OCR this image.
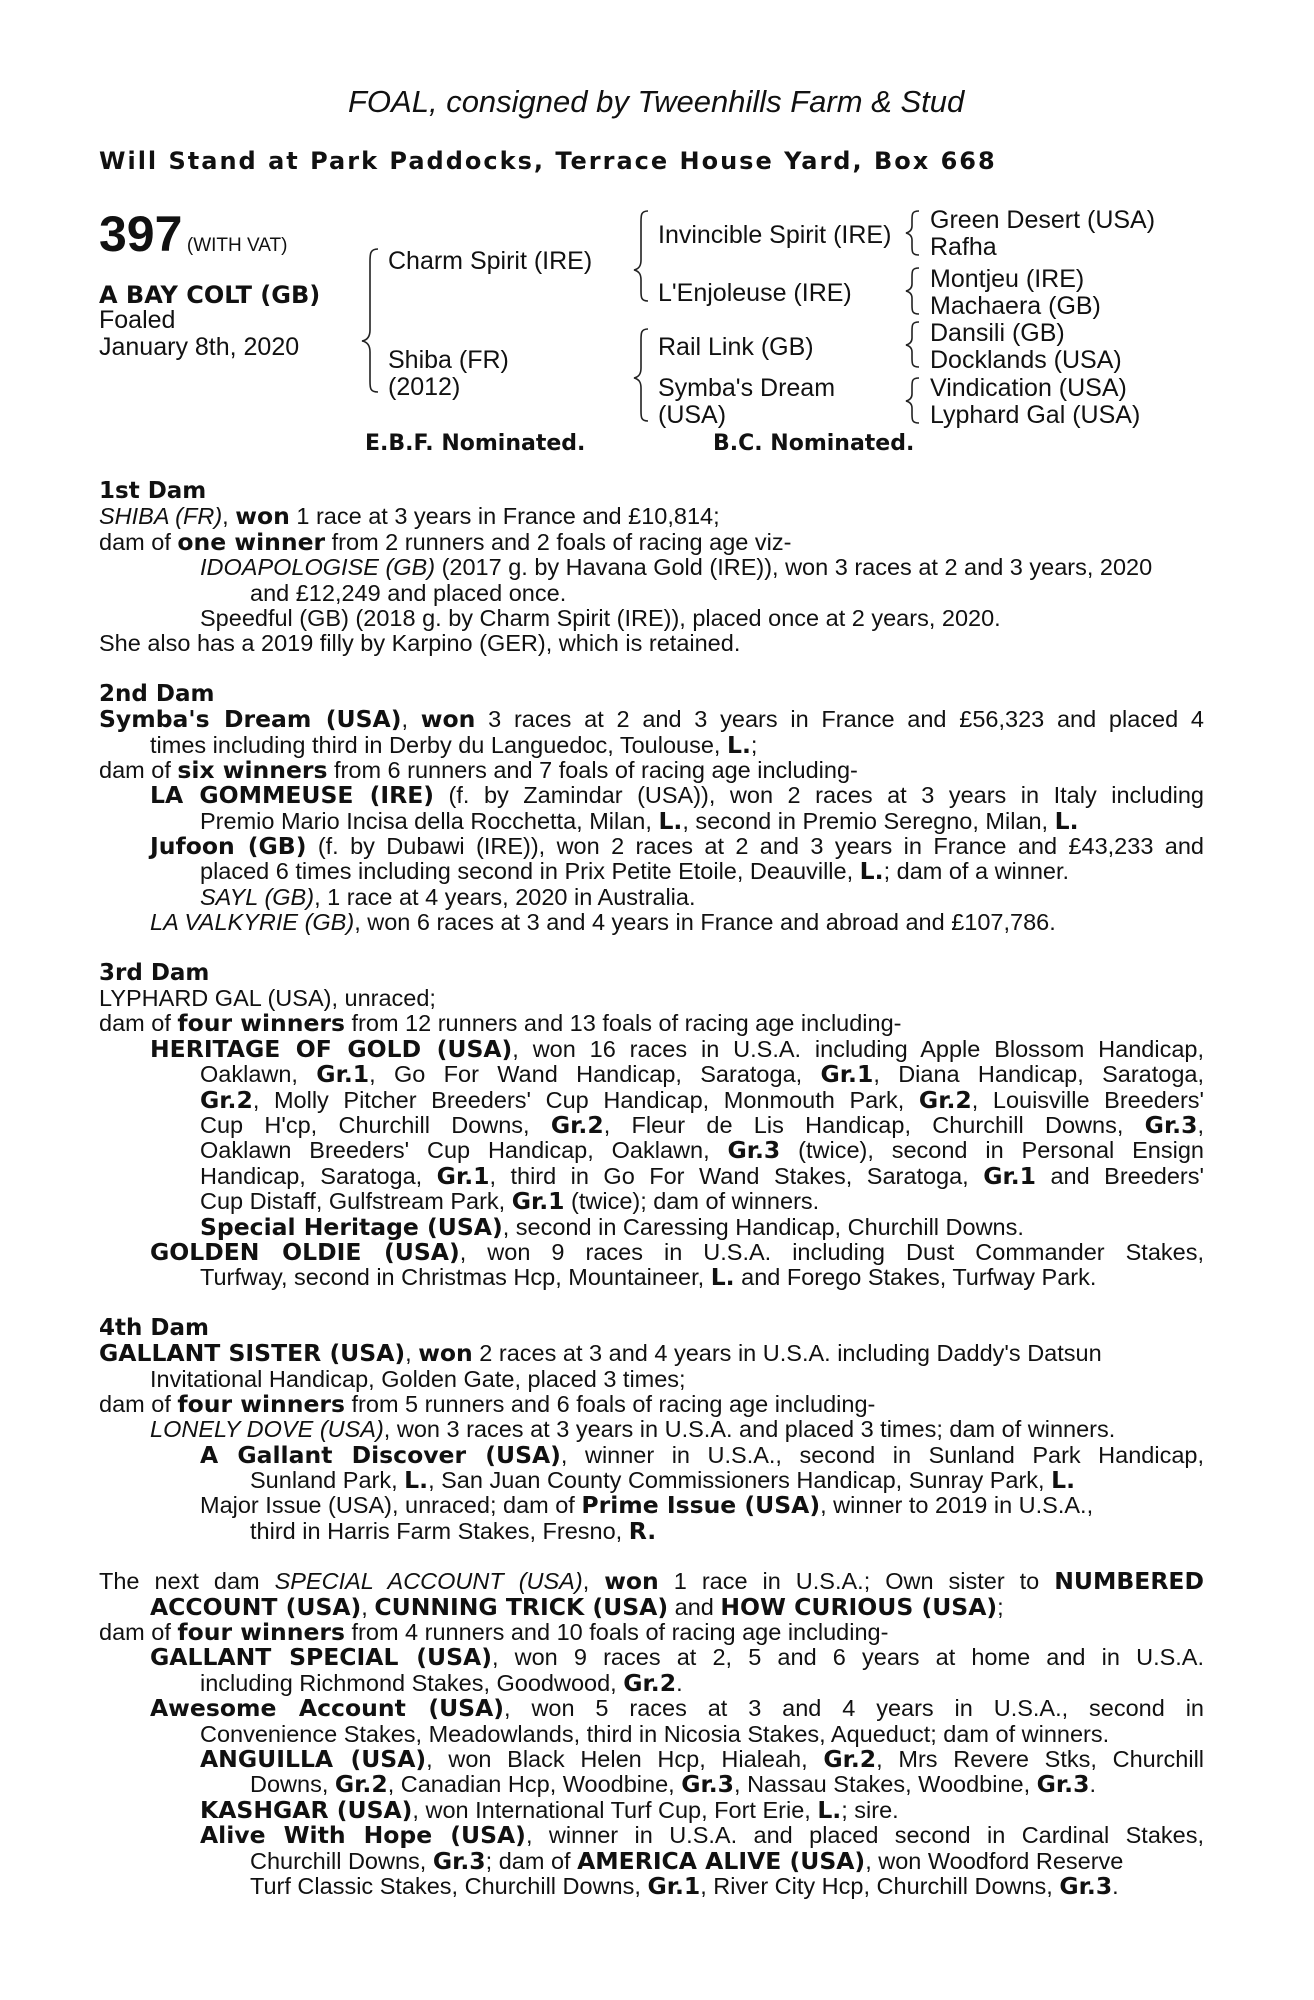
FOAL, consigned by Tweenhills Farm & Stud
Will Stand at Park Paddocks, Terrace House Yard, Box 668
397 (WITH VAT)
A BAY COLT (GB)
Foaled
January 8th, 2020
Charm Spirit (IRE)
Shiba (FR)
(2012)
Invincible Spirit (IRE)
L'Enjoleuse (IRE)
Rail Link (GB)
Symba's Dream
(USA)
Green Desert (USA)
Rafha
Montjeu (IRE)
Machaera (GB)
Dansili (GB)
Docklands (USA)
Vindication (USA)
Lyphard Gal (USA)
E.B.F. Nominated.	B.C. Nominated.
1st Dam
SHIBA (FR), won 1 race at 3 years in France and £10,814;
dam of one winner from 2 runners and 2 foals of racing age viz-
IDOAPOLOGISE (GB) (2017 g. by Havana Gold (IRE)), won 3 races at 2 and 3 years, 2020
and £12,249 and placed once.
Speedful (GB) (2018 g. by Charm Spirit (IRE)), placed once at 2 years, 2020.
She also has a 2019 filly by Karpino (GER), which is retained.
2nd Dam
Symba's Dream (USA), won 3 races at 2 and 3 years in France and £56,323 and placed 4
times including third in Derby du Languedoc, Toulouse, L.;
dam of six winners from 6 runners and 7 foals of racing age including-
LA GOMMEUSE (IRE) (f. by Zamindar (USA)), won 2 races at 3 years in Italy including
Premio Mario Incisa della Rocchetta, Milan, L., second in Premio Seregno, Milan, L.
Jufoon (GB) (f. by Dubawi (IRE)), won 2 races at 2 and 3 years in France and £43,233 and
placed 6 times including second in Prix Petite Etoile, Deauville, L.; dam of a winner.
SAYL (GB), 1 race at 4 years, 2020 in Australia.
LA VALKYRIE (GB), won 6 races at 3 and 4 years in France and abroad and £107,786.
3rd Dam
LYPHARD GAL (USA), unraced;
dam of four winners from 12 runners and 13 foals of racing age including-
HERITAGE OF GOLD (USA), won 16 races in U.S.A. including Apple Blossom Handicap,
Oaklawn, Gr.1, Go For Wand Handicap, Saratoga, Gr.1, Diana Handicap, Saratoga,
Gr.2, Molly Pitcher Breeders' Cup Handicap, Monmouth Park, Gr.2, Louisville Breeders'
Cup H'cp, Churchill Downs, Gr.2, Fleur de Lis Handicap, Churchill Downs, Gr.3,
Oaklawn Breeders' Cup Handicap, Oaklawn, Gr.3 (twice), second in Personal Ensign
Handicap, Saratoga, Gr.1, third in Go For Wand Stakes, Saratoga, Gr.1 and Breeders'
Cup Distaff, Gulfstream Park, Gr.1 (twice); dam of winners.
Special Heritage (USA), second in Caressing Handicap, Churchill Downs.
GOLDEN OLDIE (USA), won 9 races in U.S.A. including Dust Commander Stakes,
Turfway, second in Christmas Hcp, Mountaineer, L. and Forego Stakes, Turfway Park.
4th Dam
GALLANT SISTER (USA), won 2 races at 3 and 4 years in U.S.A. including Daddy's Datsun
Invitational Handicap, Golden Gate, placed 3 times;
dam of four winners from 5 runners and 6 foals of racing age including-
LONELY DOVE (USA), won 3 races at 3 years in U.S.A. and placed 3 times; dam of winners.
A Gallant Discover (USA), winner in U.S.A., second in Sunland Park Handicap,
Sunland Park, L., San Juan County Commissioners Handicap, Sunray Park, L.
Major Issue (USA), unraced; dam of Prime Issue (USA), winner to 2019 in U.S.A.,
third in Harris Farm Stakes, Fresno, R.
The next dam SPECIAL ACCOUNT (USA), won 1 race in U.S.A.; Own sister to NUMBERED
ACCOUNT (USA), CUNNING TRICK (USA) and HOW CURIOUS (USA);
dam of four winners from 4 runners and 10 foals of racing age including-
GALLANT SPECIAL (USA), won 9 races at 2, 5 and 6 years at home and in U.S.A.
including Richmond Stakes, Goodwood, Gr.2.
Awesome Account (USA), won 5 races at 3 and 4 years in U.S.A., second in
Convenience Stakes, Meadowlands, third in Nicosia Stakes, Aqueduct; dam of winners.
ANGUILLA (USA), won Black Helen Hcp, Hialeah, Gr.2, Mrs Revere Stks, Churchill
Downs, Gr.2, Canadian Hcp, Woodbine, Gr.3, Nassau Stakes, Woodbine, Gr.3.
KASHGAR (USA), won International Turf Cup, Fort Erie, L.; sire.
Alive With Hope (USA), winner in U.S.A. and placed second in Cardinal Stakes,
Churchill Downs, Gr.3; dam of AMERICA ALIVE (USA), won Woodford Reserve
Turf Classic Stakes, Churchill Downs, Gr.1, River City Hcp, Churchill Downs, Gr.3.
